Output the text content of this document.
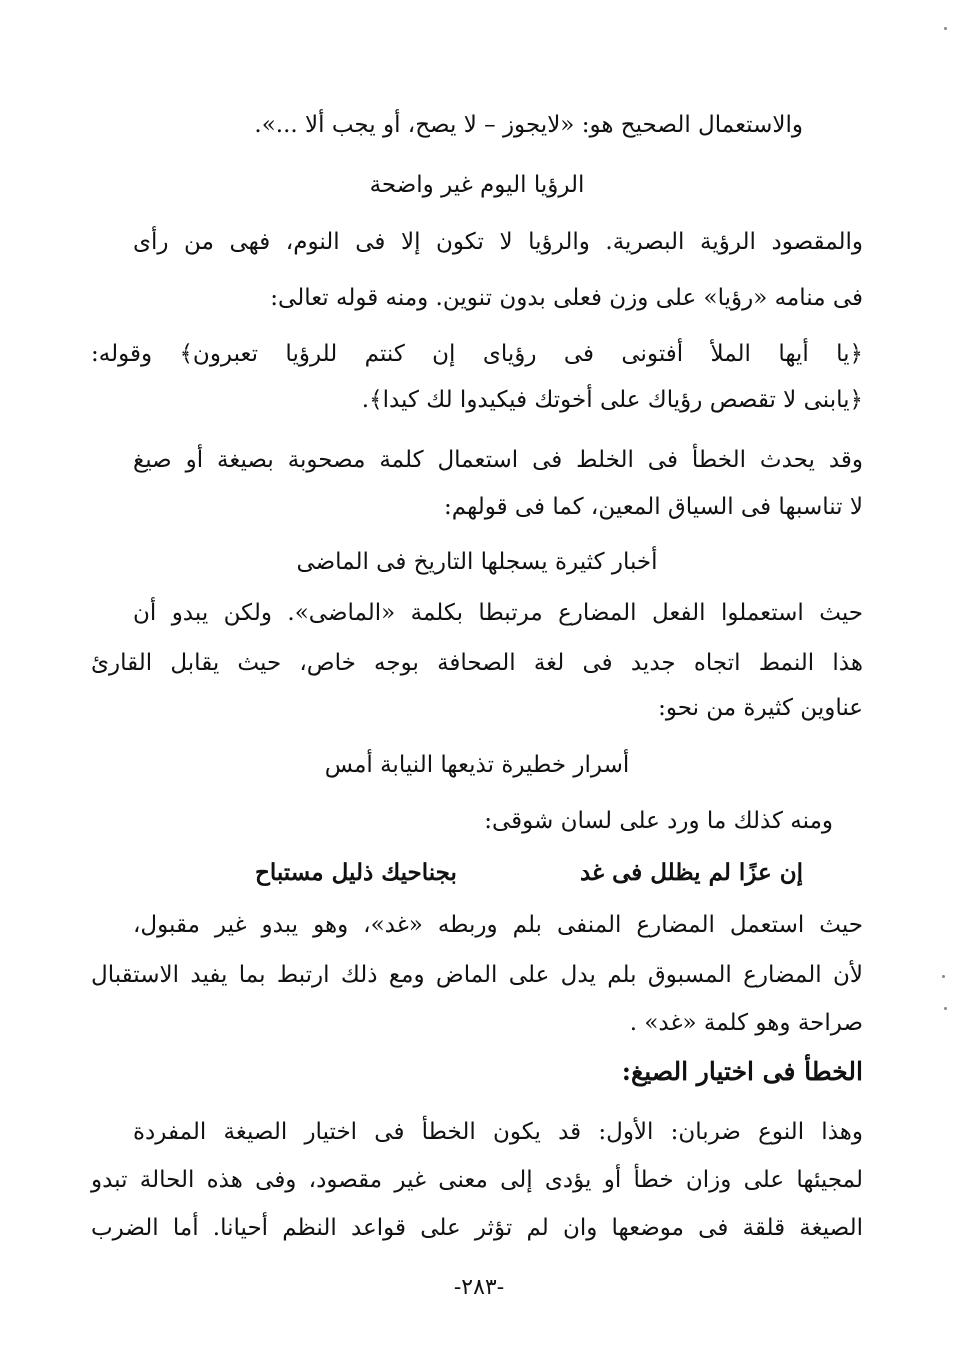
والاستعمال الصحيح هو: «لايجوز – لا يصح، أو يجب ألا ...».
الرؤيا اليوم غير واضحة
والمقصود الرؤية البصرية. والرؤيا لا تكون إلا فى النوم، فهى من رأى
فى منامه «رؤيا» على وزن فعلى بدون تنوين. ومنه قوله تعالى:
﴿يا أيها الملأ أفتونى فى رؤياى إن كنتم للرؤيا تعبرون﴾ وقوله:
﴿يابنى لا تقصص رؤياك على أخوتك فيكيدوا لك كيدا﴾.
وقد يحدث الخطأ فى الخلط فى استعمال كلمة مصحوبة بصيغة أو صيغ
لا تناسبها فى السياق المعين، كما فى قولهم:
أخبار كثيرة يسجلها التاريخ فى الماضى
حيث استعملوا الفعل المضارع مرتبطا بكلمة «الماضى». ولكن يبدو أن
هذا النمط اتجاه جديد فى لغة الصحافة بوجه خاص، حيث يقابل القارئ
عناوين كثيرة من نحو:
أسرار خطيرة تذيعها النيابة أمس
ومنه كذلك ما ورد على لسان شوقى:
إن عزًا لم يظلل فى غد
بجناحيك ذليل مستباح
حيث استعمل المضارع المنفى بلم وربطه «غد»، وهو يبدو غير مقبول،
لأن المضارع المسبوق بلم يدل على الماض ومع ذلك ارتبط بما يفيد الاستقبال
صراحة وهو كلمة «غد» .
الخطأ فى اختيار الصيغ:
وهذا النوع ضربان: الأول: قد يكون الخطأ فى اختيار الصيغة المفردة
لمجيئها على وزان خطأ أو يؤدى إلى معنى غير مقصود، وفى هذه الحالة تبدو
الصيغة قلقة فى موضعها وان لم تؤثر على قواعد النظم أحيانا. أما الضرب
-٢٨٣-
